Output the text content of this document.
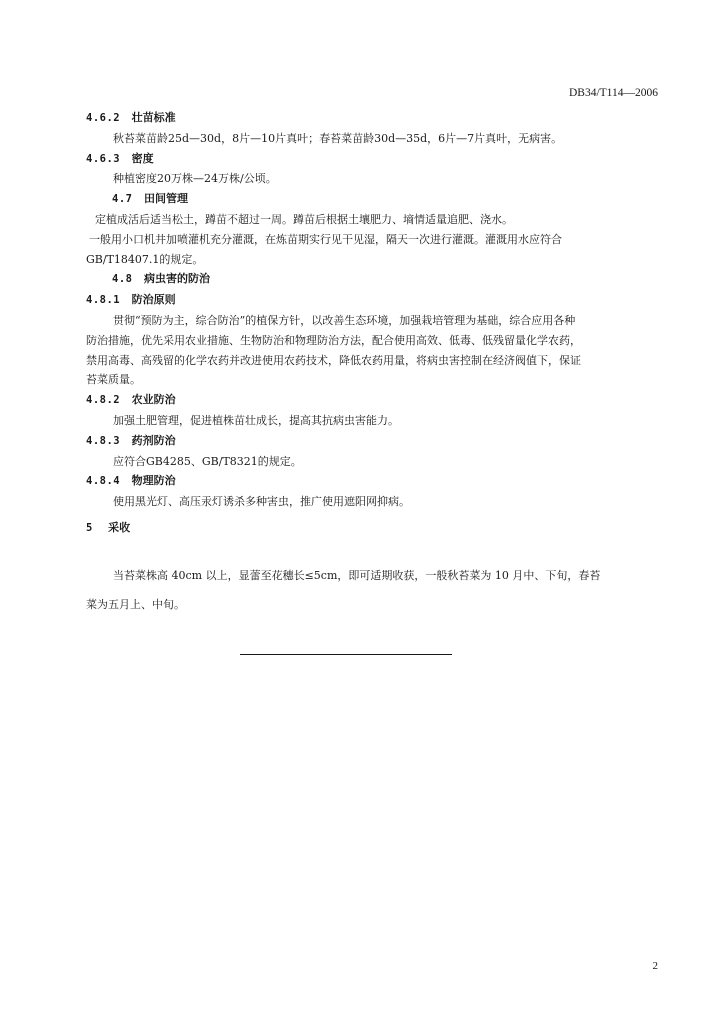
DB34/T114—2006
4.6.2 壮苗标准
秋苔菜苗龄25d—30d，8片—10片真叶；春苔菜苗龄30d—35d，6片—7片真叶，无病害。
4.6.3 密度
种植密度20万株—24万株/公顷。
4.7 田间管理
定植成活后适当松土，蹲苗不超过一周。蹲苗后根据土壤肥力、墒情适量追肥、浇水。
一般用小口机井加喷灌机充分灌溉，在炼苗期实行见干见湿，隔天一次进行灌溉。灌溉用水应符合
GB/T18407.1的规定。
4.8 病虫害的防治
4.8.1 防治原则
贯彻“预防为主，综合防治”的植保方针，以改善生态环境，加强栽培管理为基础，综合应用各种
防治措施，优先采用农业措施、生物防治和物理防治方法，配合使用高效、低毒、低残留量化学农药，
禁用高毒、高残留的化学农药并改进使用农药技术，降低农药用量，将病虫害控制在经济阀值下，保证
苔菜质量。
4.8.2 农业防治
加强土肥管理，促进植株苗壮成长，提高其抗病虫害能力。
4.8.3 药剂防治
应符合GB4285、GB/T8321的规定。
4.8.4 物理防治
使用黑光灯、高压汞灯诱杀多种害虫，推广使用遮阳网抑病。
5 采收
当苔菜株高 40cm 以上，显蕾至花穗长≤5cm，即可适期收获，一般秋苔菜为 10 月中、下旬，春苔
菜为五月上、中旬。
2
